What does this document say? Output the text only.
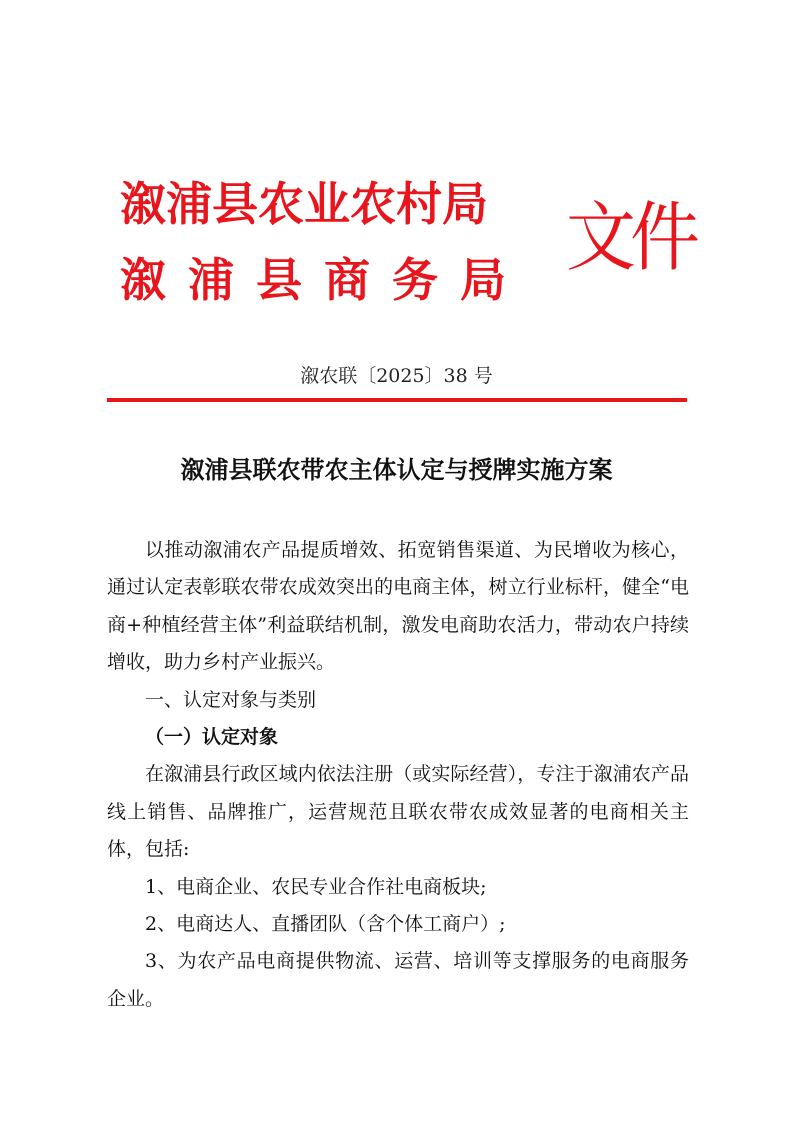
溆浦县农业农村局
溆浦县商务局 文件
溆农联〔2025〕38 号
溆浦县联农带农主体认定与授牌实施方案

以推动溆浦农产品提质增效、拓宽销售渠道、为民增收为核心，通过认定表彰联农带农成效突出的电商主体，树立行业标杆，健全“电商+种植经营主体”利益联结机制，激发电商助农活力，带动农户持续增收，助力乡村产业振兴。

一、认定对象与类别

（一）认定对象

在溆浦县行政区域内依法注册（或实际经营），专注于溆浦农产品线上销售、品牌推广，运营规范且联农带农成效显著的电商相关主体，包括:

1、电商企业、农民专业合作社电商板块;

2、电商达人、直播团队（含个体工商户）;

3、为农产品电商提供物流、运营、培训等支撑服务的电商服务企业。
